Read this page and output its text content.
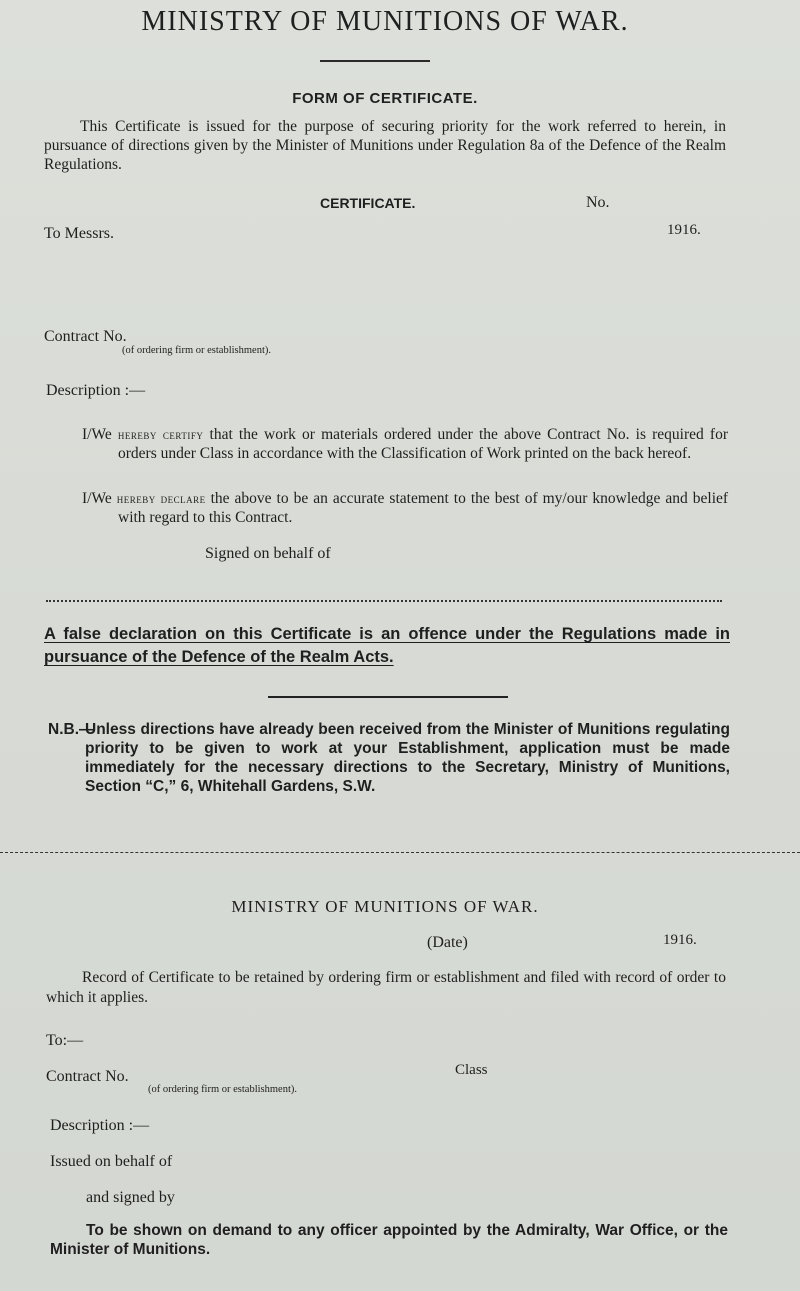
MINISTRY OF MUNITIONS OF WAR.
FORM OF CERTIFICATE.
This Certificate is issued for the purpose of securing priority for the work referred to herein, in pursuance of directions given by the Minister of Munitions under Regulation 8a of the Defence of the Realm Regulations.
CERTIFICATE.	No.
To Messrs.	1916.
Contract No.
(of ordering firm or establishment).
Description :—
I/We hereby certify that the work or materials ordered under the above Contract No. is required for orders under Class in accordance with the Classification of Work printed on the back hereof.
I/We hereby declare the above to be an accurate statement to the best of my/our knowledge and belief with regard to this Contract.
Signed on behalf of
A false declaration on this Certificate is an offence under the Regulations made in pursuance of the Defence of the Realm Acts.
N.B.—
Unless directions have already been received from the Minister of Munitions regulating priority to be given to work at your Establishment, application must be made immediately for the necessary directions to the Secretary, Ministry of Munitions, Section “C,” 6, Whitehall Gardens, S.W.
MINISTRY OF MUNITIONS OF WAR.
(Date)	1916.
Record of Certificate to be retained by ordering firm or establishment and filed with record of order to which it applies.
To:—
Contract No.
(of ordering firm or establishment).
Class
Description :—
Issued on behalf of
and signed by
To be shown on demand to any officer appointed by the Admiralty, War Office, or the Minister of Munitions.
